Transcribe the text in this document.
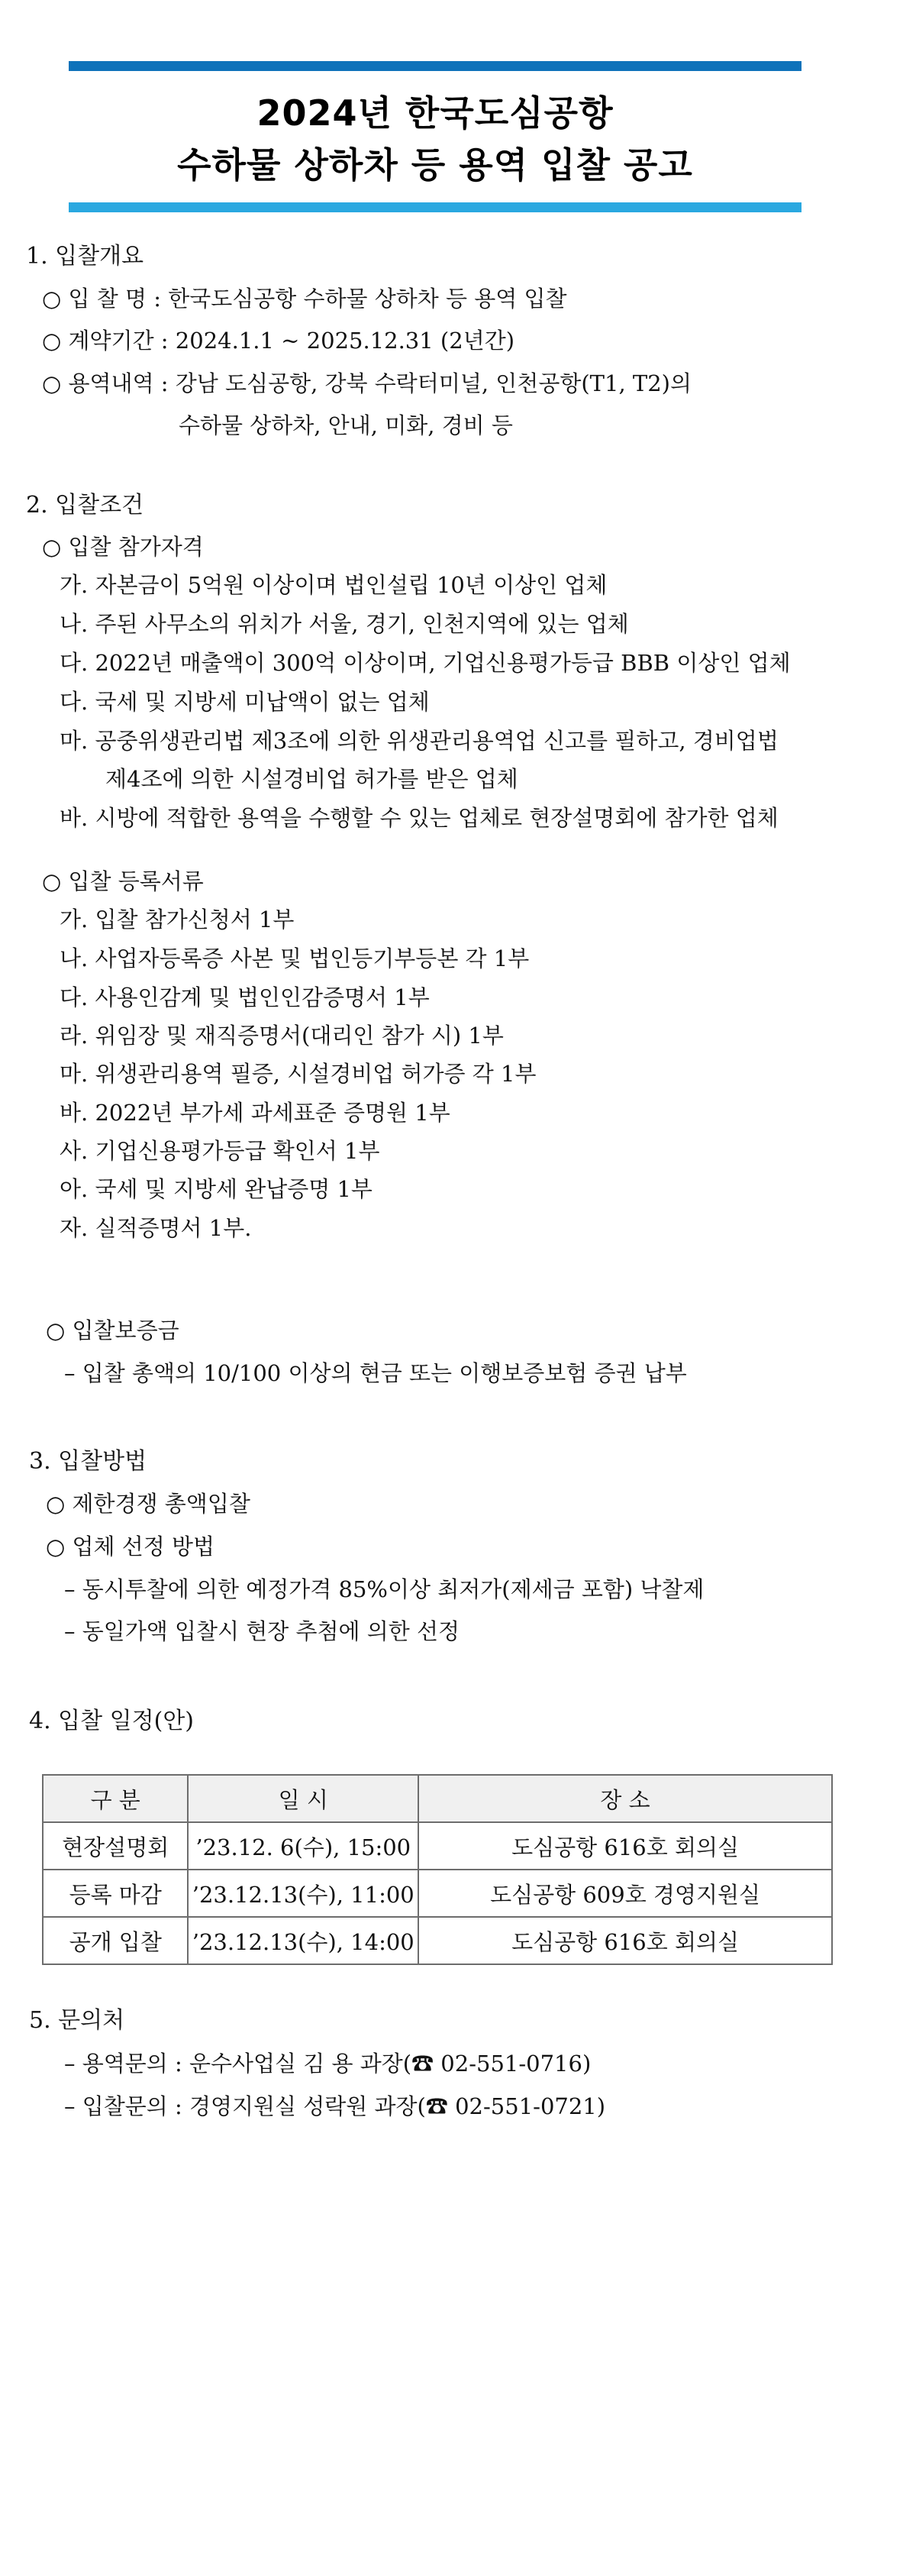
2024년 한국도심공항
수하물 상하차 등 용역 입찰 공고
1. 입찰개요
○ 입 찰 명 : 한국도심공항 수하물 상하차 등 용역 입찰
○ 계약기간 : 2024.1.1 ~ 2025.12.31 (2년간)
○ 용역내역 : 강남 도심공항, 강북 수락터미널, 인천공항(T1, T2)의
수하물 상하차, 안내, 미화, 경비 등
2. 입찰조건
○ 입찰 참가자격
가. 자본금이 5억원 이상이며 법인설립 10년 이상인 업체
나. 주된 사무소의 위치가 서울, 경기, 인천지역에 있는 업체
다. 2022년 매출액이 300억 이상이며, 기업신용평가등급 BBB 이상인 업체
다. 국세 및 지방세 미납액이 없는 업체
마. 공중위생관리법 제3조에 의한 위생관리용역업 신고를 필하고, 경비업법
제4조에 의한 시설경비업 허가를 받은 업체
바. 시방에 적합한 용역을 수행할 수 있는 업체로 현장설명회에 참가한 업체
○ 입찰 등록서류
가. 입찰 참가신청서 1부
나. 사업자등록증 사본 및 법인등기부등본 각 1부
다. 사용인감계 및 법인인감증명서 1부
라. 위임장 및 재직증명서(대리인 참가 시) 1부
마. 위생관리용역 필증, 시설경비업 허가증 각 1부
바. 2022년 부가세 과세표준 증명원 1부
사. 기업신용평가등급 확인서 1부
아. 국세 및 지방세 완납증명 1부
자. 실적증명서 1부.
○ 입찰보증금
– 입찰 총액의 10/100 이상의 현금 또는 이행보증보험 증권 납부
3. 입찰방법
○ 제한경쟁 총액입찰
○ 업체 선정 방법
– 동시투찰에 의한 예정가격 85%이상 최저가(제세금 포함) 낙찰제
– 동일가액 입찰시 현장 추첨에 의한 선정
4. 입찰 일정(안)
구 분	일 시	장 소
현장설명회	’23.12. 6(수), 15:00	도심공항 616호 회의실
등록 마감	’23.12.13(수), 11:00	도심공항 609호 경영지원실
공개 입찰	’23.12.13(수), 14:00	도심공항 616호 회의실
5. 문의처
– 용역문의 : 운수사업실 김 용 과장(☎ 02-551-0716)
– 입찰문의 : 경영지원실 성락원 과장(☎ 02-551-0721)
